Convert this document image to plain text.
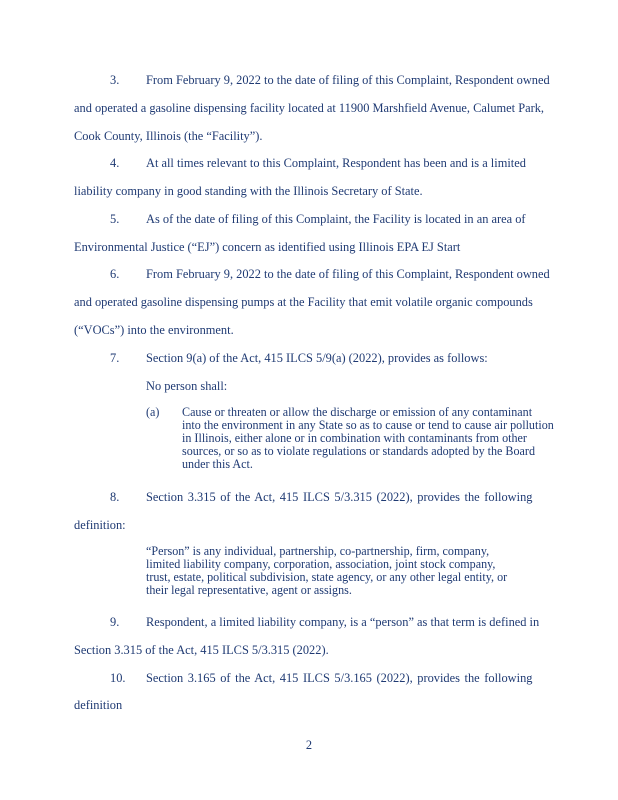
3. From February 9, 2022 to the date of filing of this Complaint, Respondent owned
and operated a gasoline dispensing facility located at 11900 Marshfield Avenue, Calumet Park,
Cook County, Illinois (the “Facility”).
4. At all times relevant to this Complaint, Respondent has been and is a limited
liability company in good standing with the Illinois Secretary of State.
5. As of the date of filing of this Complaint, the Facility is located in an area of
Environmental Justice (“EJ”) concern as identified using Illinois EPA EJ Start
6. From February 9, 2022 to the date of filing of this Complaint, Respondent owned
and operated gasoline dispensing pumps at the Facility that emit volatile organic compounds
(“VOCs”) into the environment.
7. Section 9(a) of the Act, 415 ILCS 5/9(a) (2022), provides as follows:
No person shall:
(a) Cause or threaten or allow the discharge or emission of any contaminant
into the environment in any State so as to cause or tend to cause air pollution
in Illinois, either alone or in combination with contaminants from other
sources, or so as to violate regulations or standards adopted by the Board
under this Act.
8. Section 3.315 of the Act, 415 ILCS 5/3.315 (2022), provides the following
definition:
“Person” is any individual, partnership, co-partnership, firm, company,
limited liability company, corporation, association, joint stock company,
trust, estate, political subdivision, state agency, or any other legal entity, or
their legal representative, agent or assigns.
9. Respondent, a limited liability company, is a “person” as that term is defined in
Section 3.315 of the Act, 415 ILCS 5/3.315 (2022).
10. Section 3.165 of the Act, 415 ILCS 5/3.165 (2022), provides the following
definition
2
